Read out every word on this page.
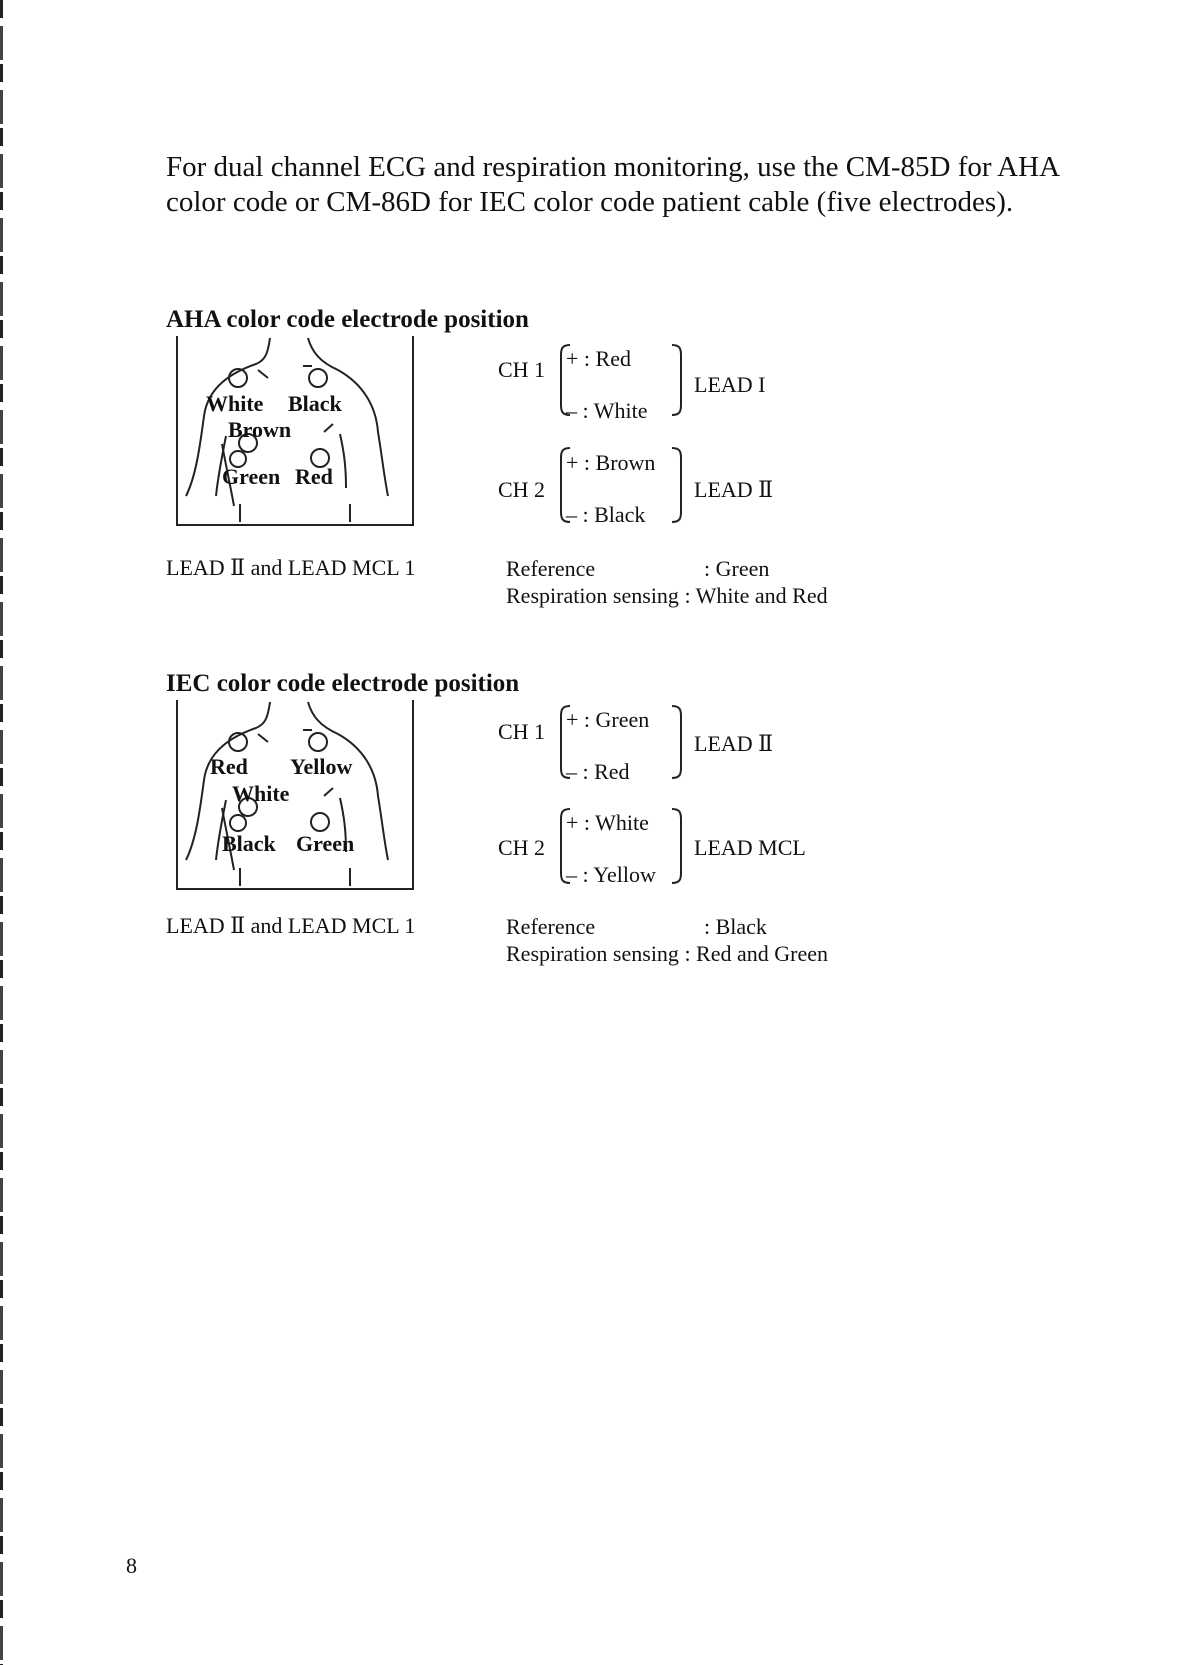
For dual channel ECG and respiration monitoring, use the CM-85D for AHA color code or CM-86D for IEC color code patient cable (five electrodes).

AHA color code electrode position

White Black
Brown
Green Red
CH 1 + : Red
– : White
LEAD I
CH 2
+ : Brown
– : Black
LEAD Ⅱ
LEAD Ⅱ and LEAD MCL 1	Reference	: Green
Respiration sensing : White and Red

IEC color code electrode position

Red Yellow
White
Black Green
CH 1 + : Green
– : Red
LEAD Ⅱ
CH 2
+ : White
– : Yellow
LEAD MCL
LEAD Ⅱ and LEAD MCL 1	Reference	: Black
Respiration sensing : Red and Green
8
